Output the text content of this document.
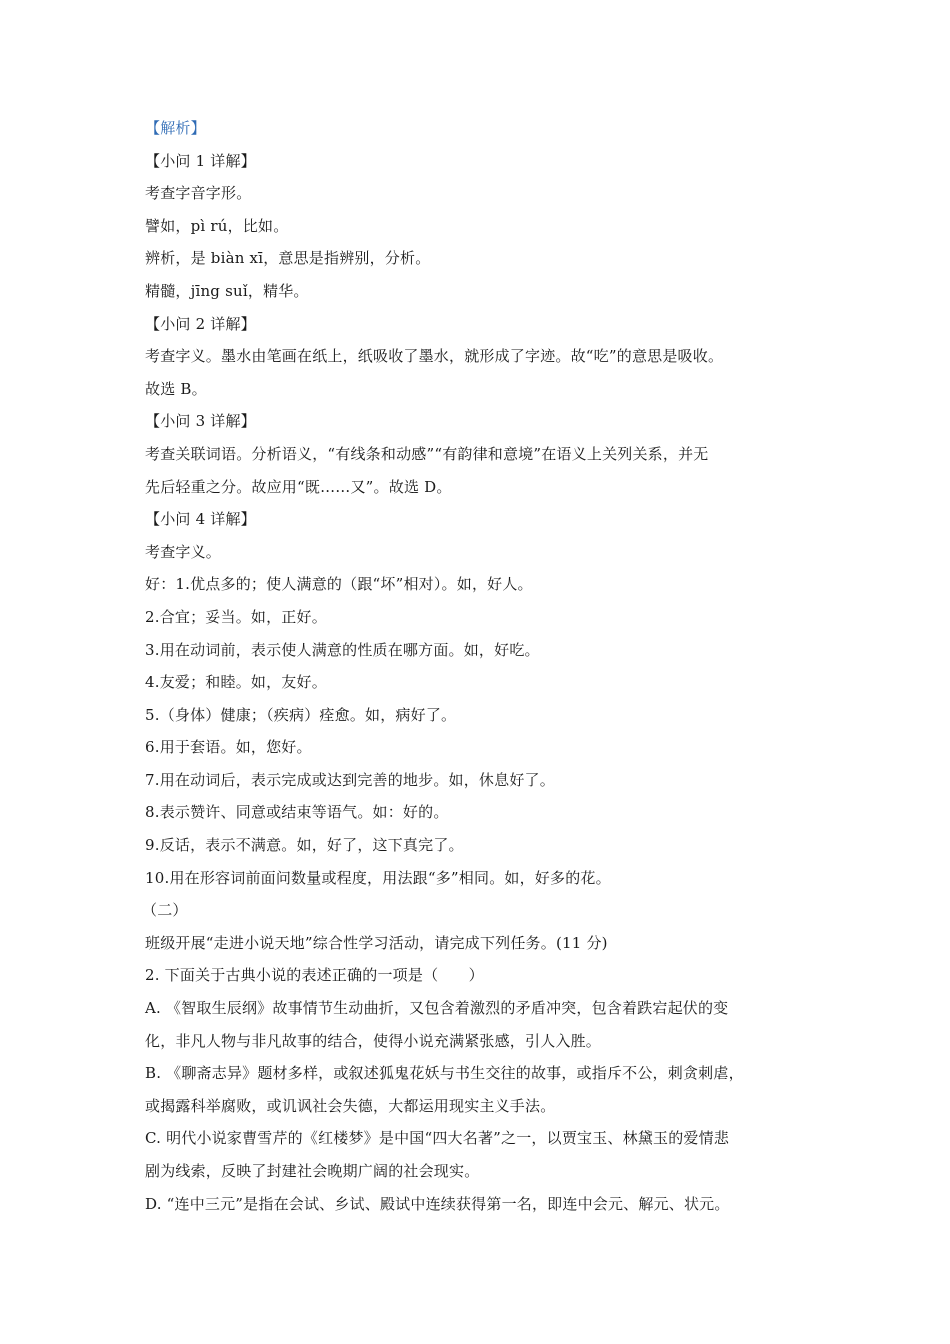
【解析】
【小问 1 详解】
考查字音字形。
譬如，pì rú，比如。
辨析，是 biàn xī，意思是指辨别，分析。
精髓，jīng suǐ，精华。
【小问 2 详解】
考查字义。墨水由笔画在纸上，纸吸收了墨水，就形成了字迹。故“吃”的意思是吸收。
故选 B。
【小问 3 详解】
考查关联词语。分析语义，“有线条和动感”“有韵律和意境”在语义上关列关系，并无
先后轻重之分。故应用“既……又”。故选 D。
【小问 4 详解】
考查字义。
好：1.优点多的；使人满意的（跟“坏”相对）。如，好人。
2.合宜；妥当。如，正好。
3.用在动词前，表示使人满意的性质在哪方面。如，好吃。
4.友爱；和睦。如，友好。
5.（身体）健康；（疾病）痊愈。如，病好了。
6.用于套语。如，您好。
7.用在动词后，表示完成或达到完善的地步。如，休息好了。
8.表示赞许、同意或结束等语气。如：好的。
9.反话，表示不满意。如，好了，这下真完了。
10.用在形容词前面问数量或程度，用法跟“多”相同。如，好多的花。
（二）
班级开展“走进小说天地”综合性学习活动，请完成下列任务。(11 分)
2. 下面关于古典小说的表述正确的一项是（　　）
A. 《智取生辰纲》故事情节生动曲折，又包含着激烈的矛盾冲突，包含着跌宕起伏的变
化，非凡人物与非凡故事的结合，使得小说充满紧张感，引人入胜。
B. 《聊斋志异》题材多样，或叙述狐鬼花妖与书生交往的故事，或指斥不公，刺贪刺虐，
或揭露科举腐败，或讥讽社会失德，大都运用现实主义手法。
C. 明代小说家曹雪芹的《红楼梦》是中国“四大名著”之一，以贾宝玉、林黛玉的爱情悲
剧为线索，反映了封建社会晚期广阔的社会现实。
D. “连中三元”是指在会试、乡试、殿试中连续获得第一名，即连中会元、解元、状元。
